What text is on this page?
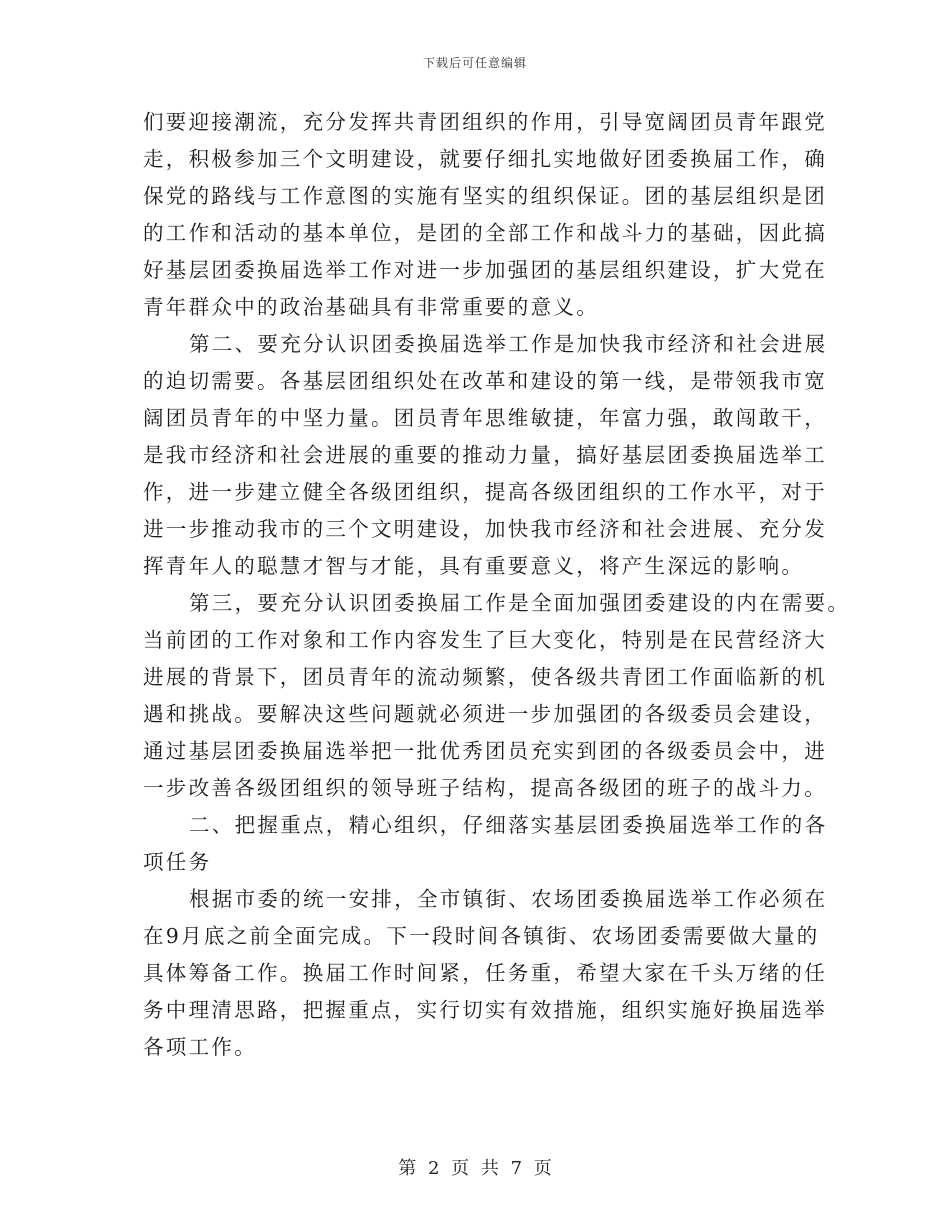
下载后可任意编辑
们要迎接潮流，充分发挥共青团组织的作用，引导宽阔团员青年跟党
走，积极参加三个文明建设，就要仔细扎实地做好团委换届工作，确
保党的路线与工作意图的实施有坚实的组织保证。团的基层组织是团
的工作和活动的基本单位，是团的全部工作和战斗力的基础，因此搞
好基层团委换届选举工作对进一步加强团的基层组织建设，扩大党在
青年群众中的政治基础具有非常重要的意义。
第二、要充分认识团委换届选举工作是加快我市经济和社会进展
的迫切需要。各基层团组织处在改革和建设的第一线，是带领我市宽
阔团员青年的中坚力量。团员青年思维敏捷，年富力强，敢闯敢干，
是我市经济和社会进展的重要的推动力量，搞好基层团委换届选举工
作，进一步建立健全各级团组织，提高各级团组织的工作水平，对于
进一步推动我市的三个文明建设，加快我市经济和社会进展、充分发
挥青年人的聪慧才智与才能，具有重要意义，将产生深远的影响。
第三，要充分认识团委换届工作是全面加强团委建设的内在需要。
当前团的工作对象和工作内容发生了巨大变化，特别是在民营经济大
进展的背景下，团员青年的流动频繁，使各级共青团工作面临新的机
遇和挑战。要解决这些问题就必须进一步加强团的各级委员会建设，
通过基层团委换届选举把一批优秀团员充实到团的各级委员会中，进
一步改善各级团组织的领导班子结构，提高各级团的班子的战斗力。
二、把握重点，精心组织，仔细落实基层团委换届选举工作的各
项任务
根据市委的统一安排，全市镇街、农场团委换届选举工作必须在
在9月底之前全面完成。下一段时间各镇街、农场团委需要做大量的
具体筹备工作。换届工作时间紧，任务重，希望大家在千头万绪的任
务中理清思路，把握重点，实行切实有效措施，组织实施好换届选举
各项工作。
第 2 页 共 7 页
